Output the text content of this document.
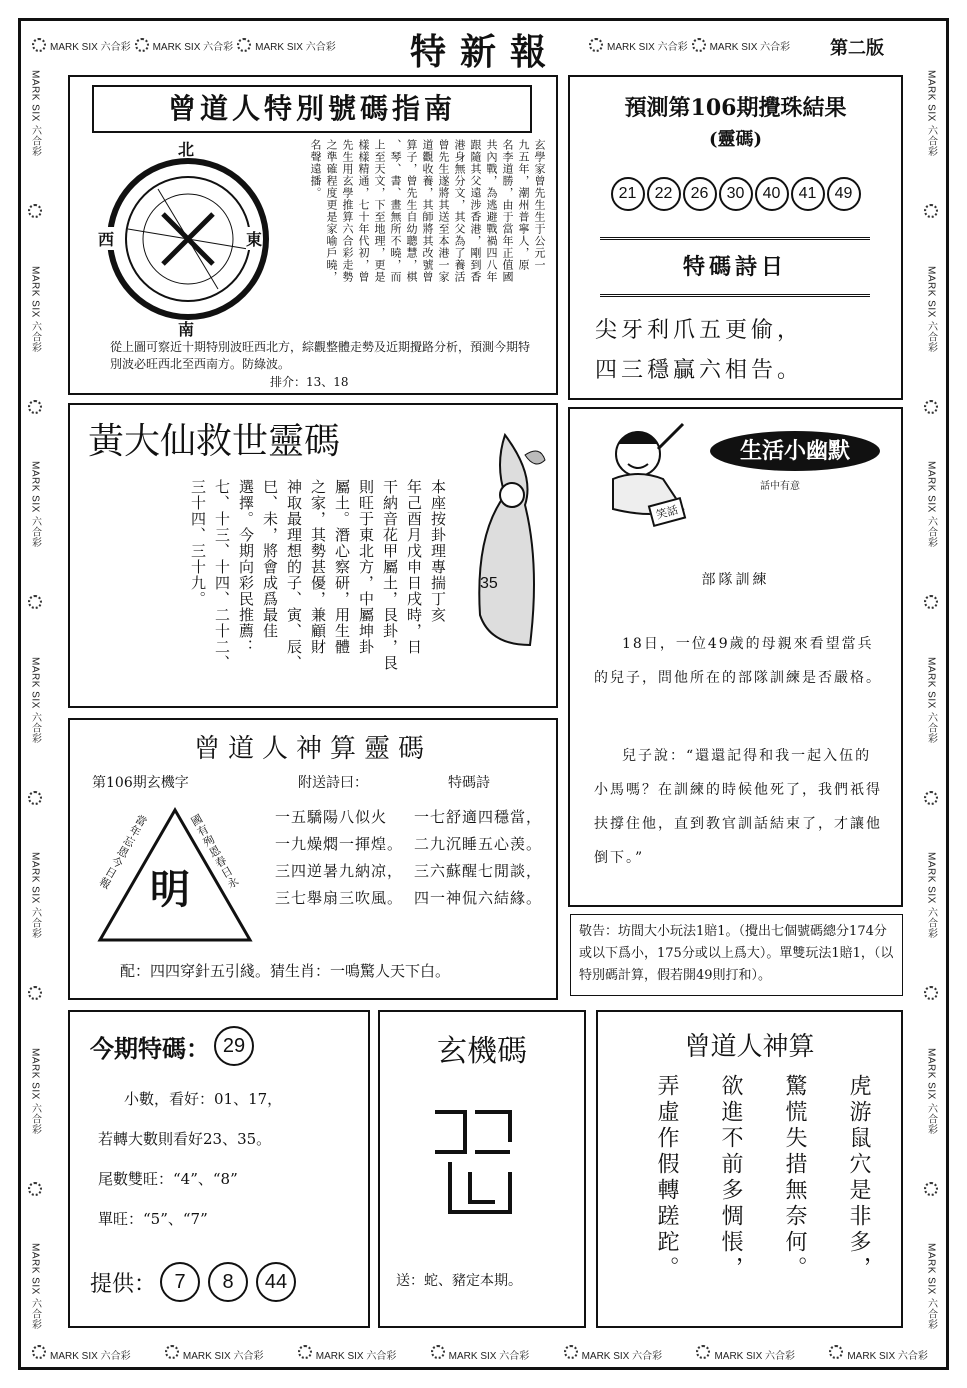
MARK SIX 六合彩 MARK SIX 六合彩 MARK SIX 六合彩	MARK SIX 六合彩 MARK SIX 六合彩
MARK SIX 六合彩	MARK SIX 六合彩	MARK SIX 六合彩	MARK SIX 六合彩	MARK SIX 六合彩	MARK SIX 六合彩	MARK SIX 六合彩
MARK SIX 六合彩
MARK SIX 六合彩
MARK SIX 六合彩
MARK SIX 六合彩
MARK SIX 六合彩
MARK SIX 六合彩
MARK SIX 六合彩
MARK SIX 六合彩
MARK SIX 六合彩
MARK SIX 六合彩
MARK SIX 六合彩
MARK SIX 六合彩
MARK SIX 六合彩
MARK SIX 六合彩
特新報	第二版
曾道人特別號碼指南
北
南
東
西	玄學家曾先生生于公元一
九五年，潮州普寧人，原
名李道勝，由于當年正值國
共內戰，為逃避戰禍四八年
跟隨其父遠涉香港，剛到香
港身無分文，其父為了養活
曾先生遂將其送至本港一家
道觀收養，其師將其改號曾
算子，曾先生自幼聰慧，棋
、琴、書、畫無所不曉，而
上至天文，下至地理，更是
樣樣精通，七十年代初，曾
先生用玄學推算六合彩走勢
之準確程度更是家喻戶曉，
名聲遠播。
從上圖可察近十期特別波旺西北方，綜觀整體走勢及近期攪路分析，預測今期特別波必旺西北至西南方。防綠波。
排介：13、18
預測第106期攪珠結果
(靈碼)
21 22 26 30 40 41 49
特碼詩日
尖牙利爪五更偷，
四三穩贏六相告。
黃大仙救世靈碼
本座按卦理專揣丁亥
年己酉月戊申日戌時，日
干納音花甲屬土，艮卦，艮
則旺于東北方，中屬坤卦
屬土。潛心察研，用生體
之家，其勢甚優，兼顧財
神取最理想的子、寅、辰、
巳、未，將會成爲最佳
選擇。今期向彩民推薦：
七、十三、十四、二十二、
三十四、三十九。	35
笑話
生活小幽默
話中有意
部隊訓練
18日，一位49歲的母親來看望當兵的兒子，問他所在的部隊訓練是否嚴格。
兒子說：“還還記得和我一起入伍的小馬嗎？在訓練的時候他死了，我們祇得扶撐住他，直到教官訓話結束了，才讓他倒下。”
曾道人神算靈碼
第106期玄機字	附送詩曰：	特碼詩
明
當年忘恩今日報	國有殉恩春日永	一五驕陽八似火
一九燥燜一揮煌。
三四逆暑九納凉，
三七舉扇三吹風。
一七舒適四穩當，
二九沉睡五心羡。
三六蘇醒七閒談，
四一神侃六結緣。
配：四四穿針五引綫。猜生肖：一鳴驚人天下白。
敬告：坊間大小玩法1賠1。（攪出七個號碼總分174分或以下爲小，175分或以上爲大）。單雙玩法1賠1，（以特別碼計算，假若開49則打和）。
今期特碼： 29
小數，看好：01、17，
若轉大數則看好23、35。
尾數雙旺：“4”、“8”
單旺：“5”、“7”
提供： 7	8	44
玄機碼
送：蛇、豬定本期。
曾道人神算
虎游鼠穴是非多，
驚慌失措無奈何。
欲進不前多惆悵，
弄虛作假轉蹉跎。
